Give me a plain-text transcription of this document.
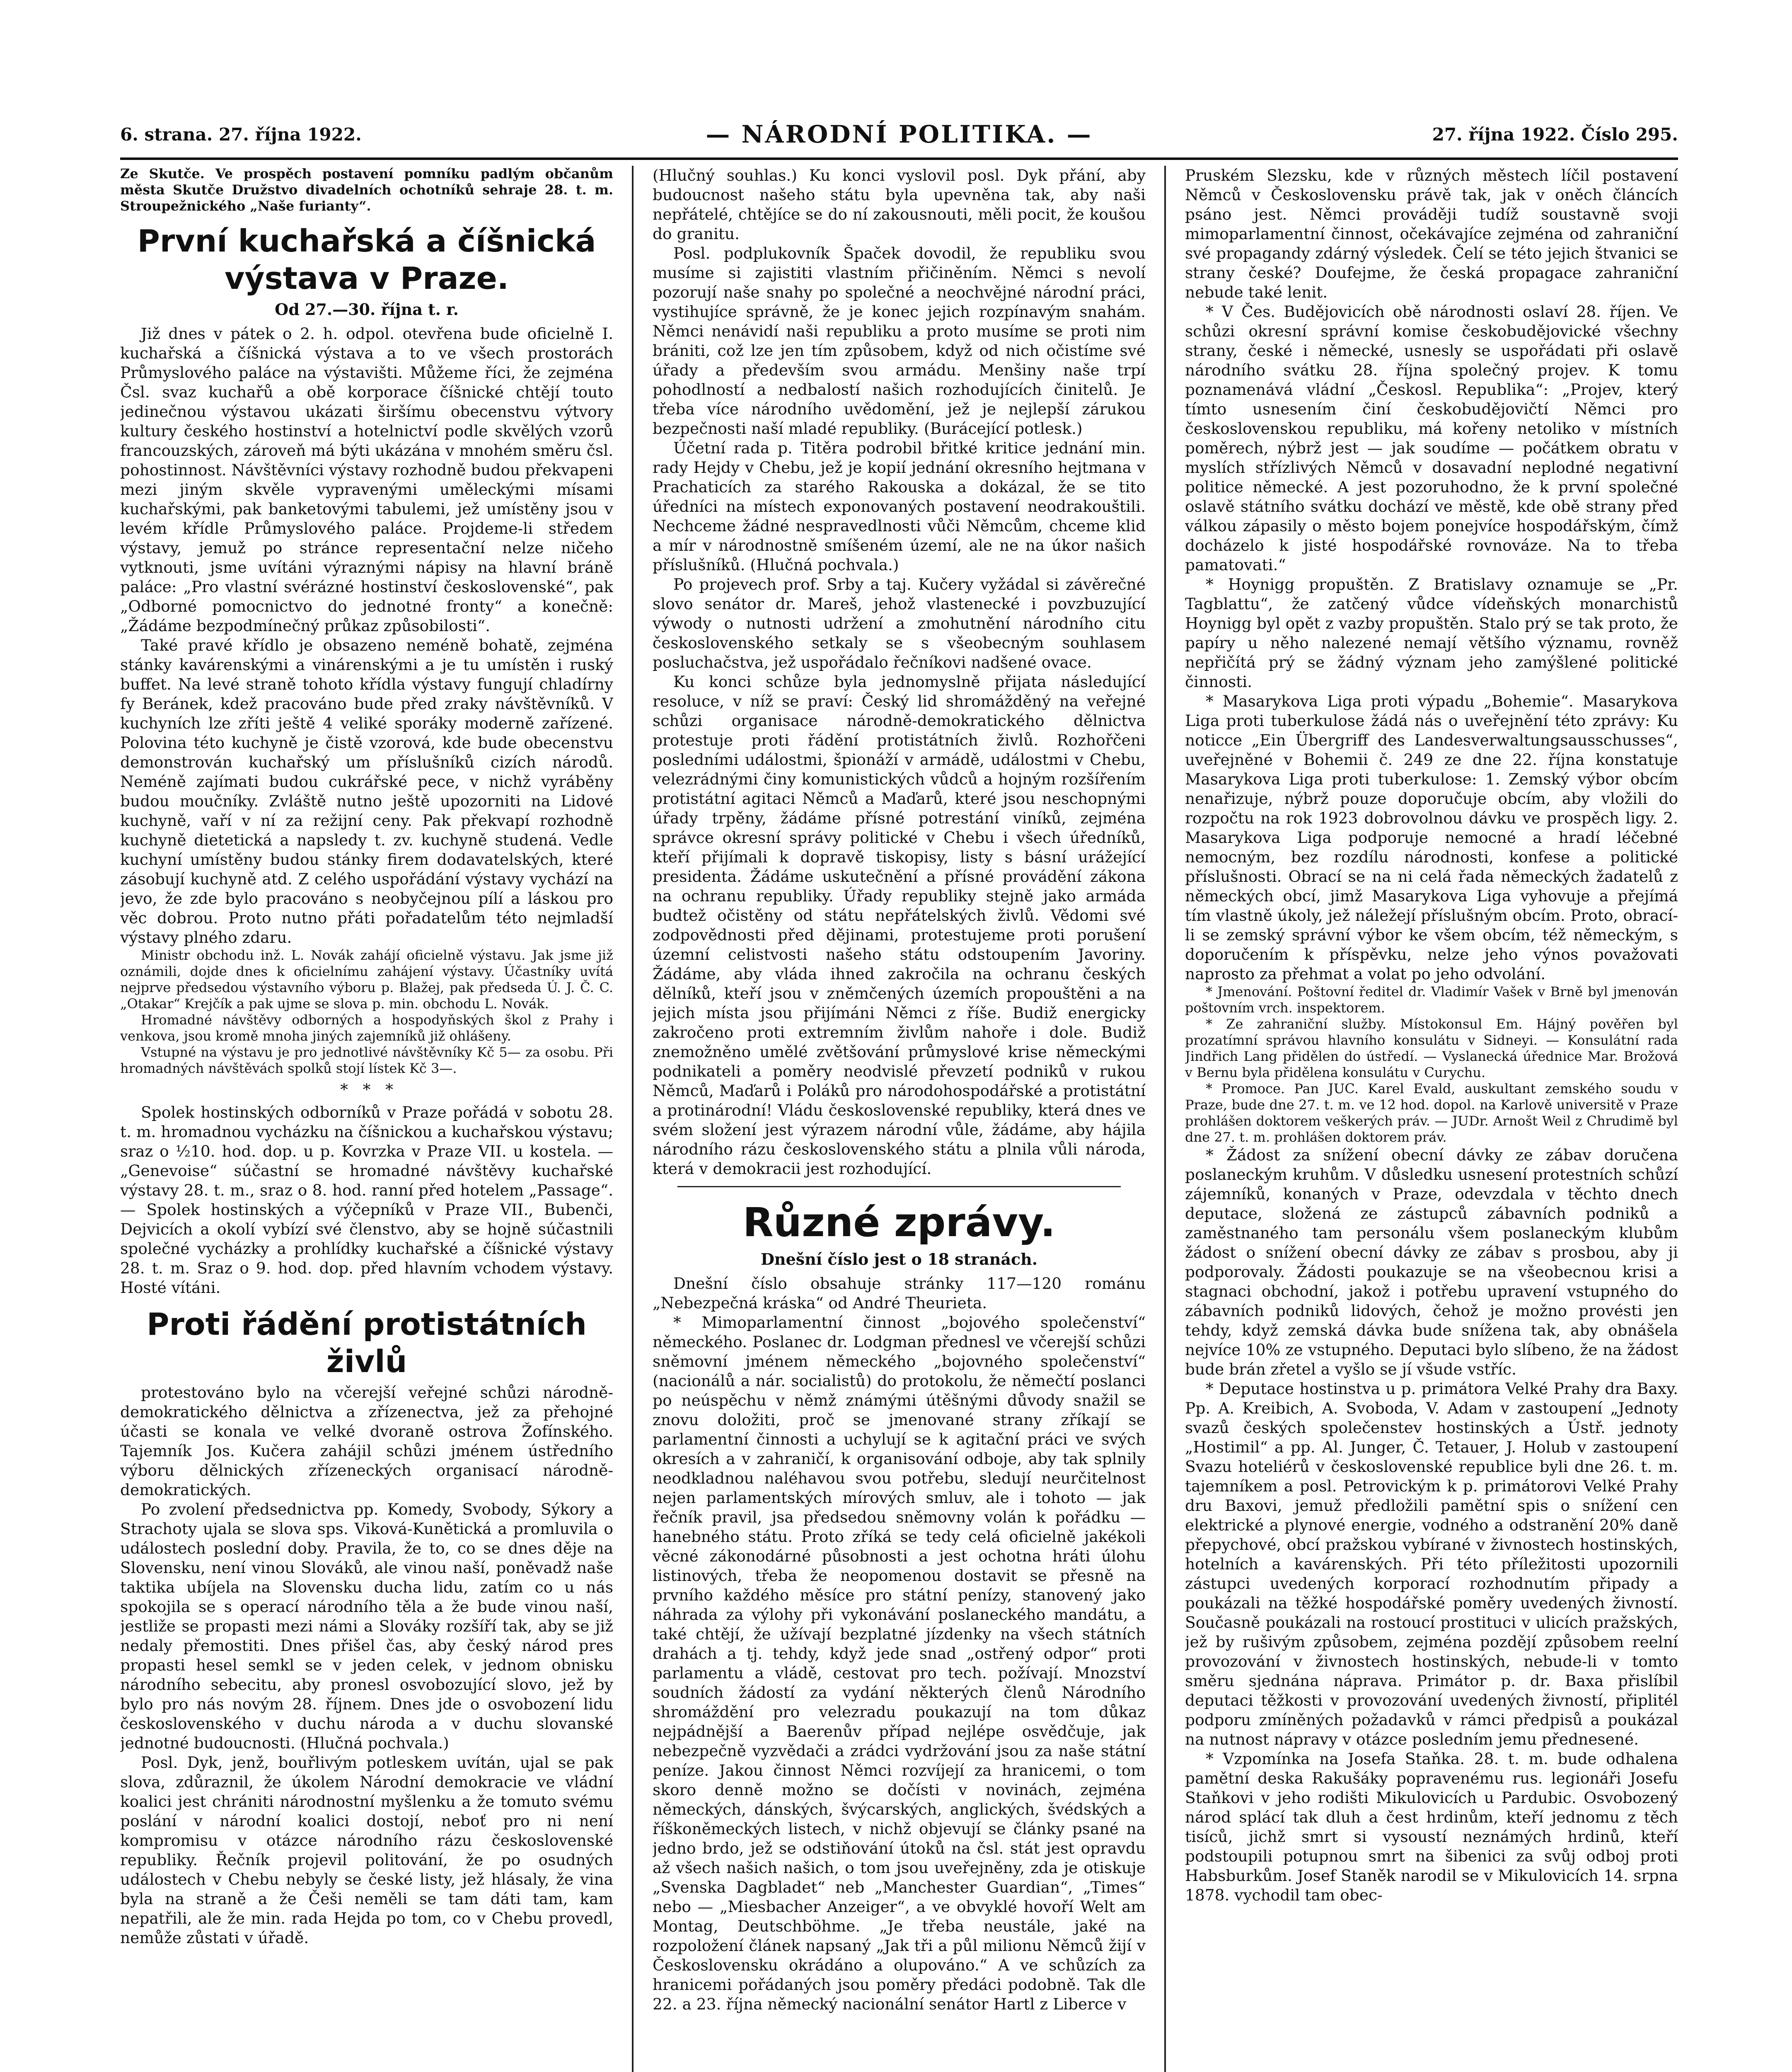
6. strana. 27. října 1922.	— NÁRODNÍ POLITIKA. —	27. října 1922. Číslo 295.

Ze Skutče. Ve prospěch postavení pomníku padlým občanům města Skutče Družstvo divadelních ochotníků sehraje 28. t. m. Stroupežnického „Naše furianty“.

První kuchařská a číšnická výstava v Praze.
Od 27.—30. října t. r.

Již dnes v pátek o 2. h. odpol. otevřena bude oficielně I. kuchařská a číšnická výstava a to ve všech prostorách Průmyslového paláce na výstavišti. Můžeme říci, že zejména Čsl. svaz kuchařů a obě korporace číšnické chtějí touto jedinečnou výstavou ukázati širšímu obecenstvu výtvory kultury českého hostinství a hotelnictví podle skvělých vzorů francouzských, zároveň má býti ukázána v mnohém směru čsl. pohostinnost. Návštěvníci výstavy rozhodně budou překvapeni mezi jiným skvěle vypravenými uměleckými mísami kuchařskými, pak banketovými tabulemi, jež umístěny jsou v levém křídle Průmyslového paláce. Projdeme-li středem výstavy, jemuž po stránce representační nelze ničeho vytknouti, jsme uvítáni výraznými nápisy na hlavní bráně paláce: „Pro vlastní svérázné hostinství československé“, pak „Odborné pomocnictvo do jednotné fronty“ a konečně: „Žádáme bezpodmínečný průkaz způsobilosti“.

Také pravé křídlo je obsazeno neméně bohatě, zejména stánky kavárenskými a vinárenskými a je tu umístěn i ruský buffet. Na levé straně tohoto křídla výstavy fungují chladírny fy Beránek, kdež pracováno bude před zraky návštěvníků. V kuchyních lze zříti ještě 4 veliké sporáky moderně zařízené. Polovina této kuchyně je čistě vzorová, kde bude obecenstvu demonstrován kuchařský um příslušníků cizích národů. Neméně zajímati budou cukrářské pece, v nichž vyráběny budou moučníky. Zvláště nutno ještě upozorniti na Lidové kuchyně, vaří v ní za režijní ceny. Pak překvapí rozhodně kuchyně dietetická a napsledy t. zv. kuchyně studená. Vedle kuchyní umístěny budou stánky firem dodavatelských, které zásobují kuchyně atd. Z celého uspořádání výstavy vychází na jevo, že zde bylo pracováno s neobyčejnou pílí a láskou pro věc dobrou. Proto nutno přáti pořadatelům této nejmladší výstavy plného zdaru.

Ministr obchodu inž. L. Novák zahájí oficielně výstavu. Jak jsme již oznámili, dojde dnes k oficielnímu zahájení výstavy. Účastníky uvítá nejprve předsedou výstavního výboru p. Blažej, pak předseda Ú. J. Č. C. „Otakar“ Krejčík a pak ujme se slova p. min. obchodu L. Novák.

Hromadné návštěvy odborných a hospodyňských škol z Prahy i venkova, jsou kromě mnoha jiných zajemníků již ohlášeny.

Vstupné na výstavu je pro jednotlivé návštěvníky Kč 5— za osobu. Při hromadných návštěvách spolků stojí lístek Kč 3—.

*   *   *

Spolek hostinských odborníků v Praze pořádá v sobotu 28. t. m. hromadnou vycházku na číšnickou a kuchařskou výstavu; sraz o ½10. hod. dop. u p. Kovrzka v Praze VII. u kostela. — „Genevoise“ súčastní se hromadné návštěvy kuchařské výstavy 28. t. m., sraz o 8. hod. ranní před hotelem „Passage“. — Spolek hostinských a výčepníků v Praze VII., Bubenči, Dejvicích a okolí vybízí své členstvo, aby se hojně súčastnili společné vycházky a prohlídky kuchařské a číšnické výstavy 28. t. m. Sraz o 9. hod. dop. před hlavním vchodem výstavy. Hosté vítáni.

Proti řádění protistátních živlů

protestováno bylo na včerejší veřejné schůzi národně-demokratického dělnictva a zřízenectva, jež za přehojné účasti se konala ve velké dvoraně ostrova Žofínského. Tajemník Jos. Kučera zahájil schůzi jménem ústředního výboru dělnických zřízeneckých organisací národně-demokratických.

Po zvolení předsednictva pp. Komedy, Svobody, Sýkory a Strachoty ujala se slova sps. Viková-Kunětická a promluvila o událostech poslední doby. Pravila, že to, co se dnes děje na Slovensku, není vinou Slováků, ale vinou naší, poněvadž naše taktika ubíjela na Slovensku ducha lidu, zatím co u nás spokojila se s operací národního těla a že bude vinou naší, jestliže se propasti mezi námi a Slováky rozšíří tak, aby se již nedaly přemostiti. Dnes přišel čas, aby český národ pres propasti hesel semkl se v jeden celek, v jednom obnisku národního sebecitu, aby pronesl osvobozující slovo, jež by bylo pro nás novým 28. říjnem. Dnes jde o osvobození lidu československého v duchu národa a v duchu slovanské jednotné budoucnosti. (Hlučná pochvala.)

Posl. Dyk, jenž, bouřlivým potleskem uvítán, ujal se pak slova, zdůraznil, že úkolem Národní demokracie ve vládní koalici jest chrániti národnostní myšlenku a že tomuto svému poslání v národní koalici dostojí, neboť pro ni není kompromisu v otázce národního rázu československé republiky. Řečník projevil politování, že po osudných událostech v Chebu nebyly se české listy, jež hlásaly, že vina byla na straně a že Češi neměli se tam dáti tam, kam nepatřili, ale že min. rada Hejda po tom, co v Chebu provedl, nemůže zůstati v úřadě.

(Hlučný souhlas.) Ku konci vyslovil posl. Dyk přání, aby budoucnost našeho státu byla upevněna tak, aby naši nepřátelé, chtějíce se do ní zakousnouti, měli pocit, že koušou do granitu.

Posl. podplukovník Špaček dovodil, že republiku svou musíme si zajistiti vlastním přičiněním. Němci s nevolí pozorují naše snahy po společné a neochvějné národní práci, vystihujíce správně, že je konec jejich rozpínavým snahám. Němci nenávidí naši republiku a proto musíme se proti nim brániti, což lze jen tím způsobem, když od nich očistíme své úřady a především svou armádu. Menšiny naše trpí pohodlností a nedbalostí našich rozhodujících činitelů. Je třeba více národního uvědomění, jež je nejlepší zárukou bezpečnosti naší mladé republiky. (Burácející potlesk.)

Účetní rada p. Titěra podrobil břitké kritice jednání min. rady Hejdy v Chebu, jež je kopií jednání okresního hejtmana v Prachaticích za starého Rakouska a dokázal, že se tito úředníci na místech exponovaných postavení neodrakouštili. Nechceme žádné nespravedlnosti vůči Němcům, chceme klid a mír v národnostně smíšeném území, ale ne na úkor našich příslušníků. (Hlučná pochvala.)

Po projevech prof. Srby a taj. Kučery vyžádal si závěrečné slovo senátor dr. Mareš, jehož vlastenecké i povzbuzující výwody o nutnosti udržení a zmohutnění národního citu československého setkaly se s všeobecným souhlasem posluchačstva, jež uspořádalo řečníkovi nadšené ovace.

Ku konci schůze byla jednomyslně přijata následující resoluce, v níž se praví: Český lid shromážděný na veřejné schůzi organisace národně-demokratického dělnictva protestuje proti řádění protistátních živlů. Rozhořčeni posledními událostmi, špionáží v armádě, událostmi v Chebu, velezrádnými činy komunistických vůdců a hojným rozšířením protistátní agitaci Němců a Maďarů, které jsou neschopnými úřady trpěny, žádáme přísné potrestání viníků, zejména správce okresní správy politické v Chebu i všech úředníků, kteří přijímali k dopravě tiskopisy, listy s básní urážející presidenta. Žádáme uskutečnění a přísné provádění zákona na ochranu republiky. Úřady republiky stejně jako armáda budtež očistěny od státu nepřátelských živlů. Vědomi své zodpovědnosti před dějinami, protestujeme proti porušení územní celistvosti našeho státu odstoupením Javoriny. Žádáme, aby vláda ihned zakročila na ochranu českých dělníků, kteří jsou v zněmčených územích propouštěni a na jejich místa jsou přijímáni Němci z říše. Budiž energicky zakročeno proti extremním živlům nahoře i dole. Budiž znemožněno umělé zvětšování průmyslové krise německými podnikateli a poměry neodvislé převzetí podniků v rukou Němců, Maďarů i Poláků pro národohospodářské a protistátní a protinárodní! Vládu československé republiky, která dnes ve svém složení jest výrazem národní vůle, žádáme, aby hájila národního rázu československého státu a plnila vůli národa, která v demokracii jest rozhodující.

Různé zprávy.
Dnešní číslo jest o 18 stranách.

Dnešní číslo obsahuje stránky 117—120 románu „Nebezpečná kráska“ od André Theurieta.

* Mimoparlamentní činnost „bojového společenství“ německého. Poslanec dr. Lodgman přednesl ve včerejší schůzi sněmovní jménem německého „bojovného společenství“ (nacionálů a nár. socialistů) do protokolu, že němečtí poslanci po neúspěchu v němž známými útěšnými důvody snažil se znovu doložiti, proč se jmenované strany zříkají se parlamentní činnosti a uchylují se k agitační práci ve svých okresích a v zahraničí, k organisování odboje, aby tak splnily neodkladnou naléhavou svou potřebu, sledují neurčitelnost nejen parlamentských mírových smluv, ale i tohoto — jak řečník pravil, jsa předsedou sněmovny volán k pořádku — hanebného státu. Proto zříká se tedy celá oficielně jakékoli věcné zákonodárné působnosti a jest ochotna hráti úlohu listinových, třeba že neopomenou dostavit se přesně na prvního každého měsíce pro státní penízy, stanovený jako náhrada za výlohy při vykonávání poslaneckého mandátu, a také chtějí, že užívají bezplatné jízdenky na všech státních drahách a tj. tehdy, když jede snad „ostřený odpor“ proti parlamentu a vládě, cestovat pro tech. požívají. Mnozství soudních žádostí za vydání některých členů Národního shromáždění pro velezradu poukazují na tom důkaz nejpádnější a Baerenův případ nejlépe osvědčuje, jak nebezpečně vyzvědači a zrádci vydržování jsou za naše státní peníze. Jakou činnost Němci rozvíjejí za hranicemi, o tom skoro denně možno se dočísti v novinách, zejména německých, dánských, švýcarských, anglických, švédských a říškoněmeckých listech, v nichž objevují se články psané na jedno brdo, jež se odstiňování útoků na čsl. stát jest opravdu až všech našich našich, o tom jsou uveřejněny, zda je otiskuje „Svenska Dagbladet“ neb „Manchester Guardian“, „Times“ nebo — „Miesbacher Anzeiger“, a ve obvyklé hovoří Welt am Montag, Deutschböhme. „Je třeba neustále, jaké na rozpoložení článek napsaný „Jak tři a půl milionu Němců žijí v Československu okrádáno a olupováno.“ A ve schůzích za hranicemi pořádaných jsou poměry předáci podobně. Tak dle 22. a 23. října německý nacionální senátor Hartl z Liberce v

Pruském Slezsku, kde v různých městech líčil postavení Němců v Československu právě tak, jak v oněch článcích psáno jest. Němci prováději tudíž soustavně svoji mimoparlamentní činnost, očekávajíce zejména od zahraniční své propagandy zdárný výsledek. Čelí se této jejich štvanici se strany české? Doufejme, že česká propagace zahraniční nebude také lenit.

* V Čes. Budějovicích obě národnosti oslaví 28. říjen. Ve schůzi okresní správní komise českobudějovické všechny strany, české i německé, usnesly se uspořádati při oslavě národního svátku 28. října společný projev. K tomu poznamenává vládní „Českosl. Republika“: „Projev, který tímto usnesením činí českobudějovičtí Němci pro československou republiku, má kořeny netoliko v místních poměrech, nýbrž jest — jak soudíme — počátkem obratu v myslích střízlivých Němců v dosavadní neplodné negativní politice německé. A jest pozoruhodno, že k první společné oslavě státního svátku dochází ve městě, kde obě strany před válkou zápasily o město bojem ponejvíce hospodářským, čímž docházelo k jisté hospodářské rovnováze. Na to třeba pamatovati.“

* Hoynigg propuštěn. Z Bratislavy oznamuje se „Pr. Tagblattu“, že zatčený vůdce vídeňských monarchistů Hoynigg byl opět z vazby propuštěn. Stalo prý se tak proto, že papíry u něho nalezené nemají většího významu, rovněž nepřičítá prý se žádný význam jeho zamýšlené politické činnosti.

* Masarykova Liga proti výpadu „Bohemie“. Masarykova Liga proti tuberkulose žádá nás o uveřejnění této zprávy: Ku noticce „Ein Übergriff des Landesverwaltungsausschusses“, uveřejněné v Bohemii č. 249 ze dne 22. října konstatuje Masarykova Liga proti tuberkulose: 1. Zemský výbor obcím nenařizuje, nýbrž pouze doporučuje obcím, aby vložili do rozpočtu na rok 1923 dobrovolnou dávku ve prospěch ligy. 2. Masarykova Liga podporuje nemocné a hradí léčebné nemocným, bez rozdílu národnosti, konfese a politické příslušnosti. Obrací se na ni celá řada německých žadatelů z německých obcí, jimž Masarykova Liga vyhovuje a přejímá tím vlastně úkoly, jež náležejí příslušným obcím. Proto, obrací-li se zemský správní výbor ke všem obcím, též německým, s doporučením k příspěvku, nelze jeho výnos považovati naprosto za přehmat a volat po jeho odvolání.

* Jmenování. Poštovní ředitel dr. Vladimír Vašek v Brně byl jmenován poštovním vrch. inspektorem.

* Ze zahraniční služby. Místokonsul Em. Hájný pověřen byl prozatímní správou hlavního konsulátu v Sidneyi. — Konsulátní rada Jindřich Lang přidělen do ústředí. — Vyslanecká úřednice Mar. Brožová v Bernu byla přidělena konsulátu v Curychu.

* Promoce. Pan JUC. Karel Evald, auskultant zemského soudu v Praze, bude dne 27. t. m. ve 12 hod. dopol. na Karlově universitě v Praze prohlášen doktorem veškerých práv. — JUDr. Arnošt Weil z Chrudimě byl dne 27. t. m. prohlášen doktorem práv.

* Žádost za snížení obecní dávky ze zábav doručena poslaneckým kruhům. V důsledku usnesení protestních schůzí zájemníků, konaných v Praze, odevzdala v těchto dnech deputace, složená ze zástupců zábavních podniků a zaměstnaného tam personálu všem poslaneckým klubům žádost o snížení obecní dávky ze zábav s prosbou, aby ji podporovaly. Žádosti poukazuje se na všeobecnou krisi a stagnaci obchodní, jakož i potřebu upravení vstupného do zábavních podniků lidových, čehož je možno provésti jen tehdy, když zemská dávka bude snížena tak, aby obnášela nejvíce 10% ze vstupného. Deputaci bylo slíbeno, že na žádost bude brán zřetel a vyšlo se jí všude vstříc.

* Deputace hostinstva u p. primátora Velké Prahy dra Baxy. Pp. A. Kreibich, A. Svoboda, V. Adam v zastoupení „Jednoty svazů českých společenstev hostinských a Ústř. jednoty „Hostimil“ a pp. Al. Junger, Č. Tetauer, J. Holub v zastoupení Svazu hoteliérů v československé republice byli dne 26. t. m. tajemníkem a posl. Petrovickým k p. primátorovi Velké Prahy dru Baxovi, jemuž předložili pamětní spis o snížení cen elektrické a plynové energie, vodného a odstranění 20% daně přepychové, obcí pražskou vybírané v živnostech hostinských, hotelních a kavárenských. Při této příležitosti upozornili zástupci uvedených korporací rozhodnutím připady a poukázali na těžké hospodářské poměry uvedených živností. Současně poukázali na rostoucí prostituci v ulicích pražských, jež by rušivým způsobem, zejména pozdějí způsobem reelní provozování v živnostech hostinských, nebude-li v tomto směru sjednána náprava. Primátor p. dr. Baxa přislíbil deputaci těžkosti v provozování uvedených živností, připlitél podporu zmíněných požadavků v rámci předpisů a poukázal na nutnost nápravy v otázce posledním jemu přednesené.

* Vzpomínka na Josefa Staňka. 28. t. m. bude odhalena pamětní deska Rakušáky popravenému rus. legionáři Josefu Staňkovi v jeho rodišti Mikulovicích u Pardubic. Osvobozený národ splácí tak dluh a čest hrdinům, kteří jednomu z těch tisíců, jichž smrt si vysoustí neznámých hrdinů, kteří podstoupili potupnou smrt na šibenici za svůj odboj proti Habsburkům. Josef Staněk narodil se v Mikulovicích 14. srpna 1878. vychodil tam obec-
